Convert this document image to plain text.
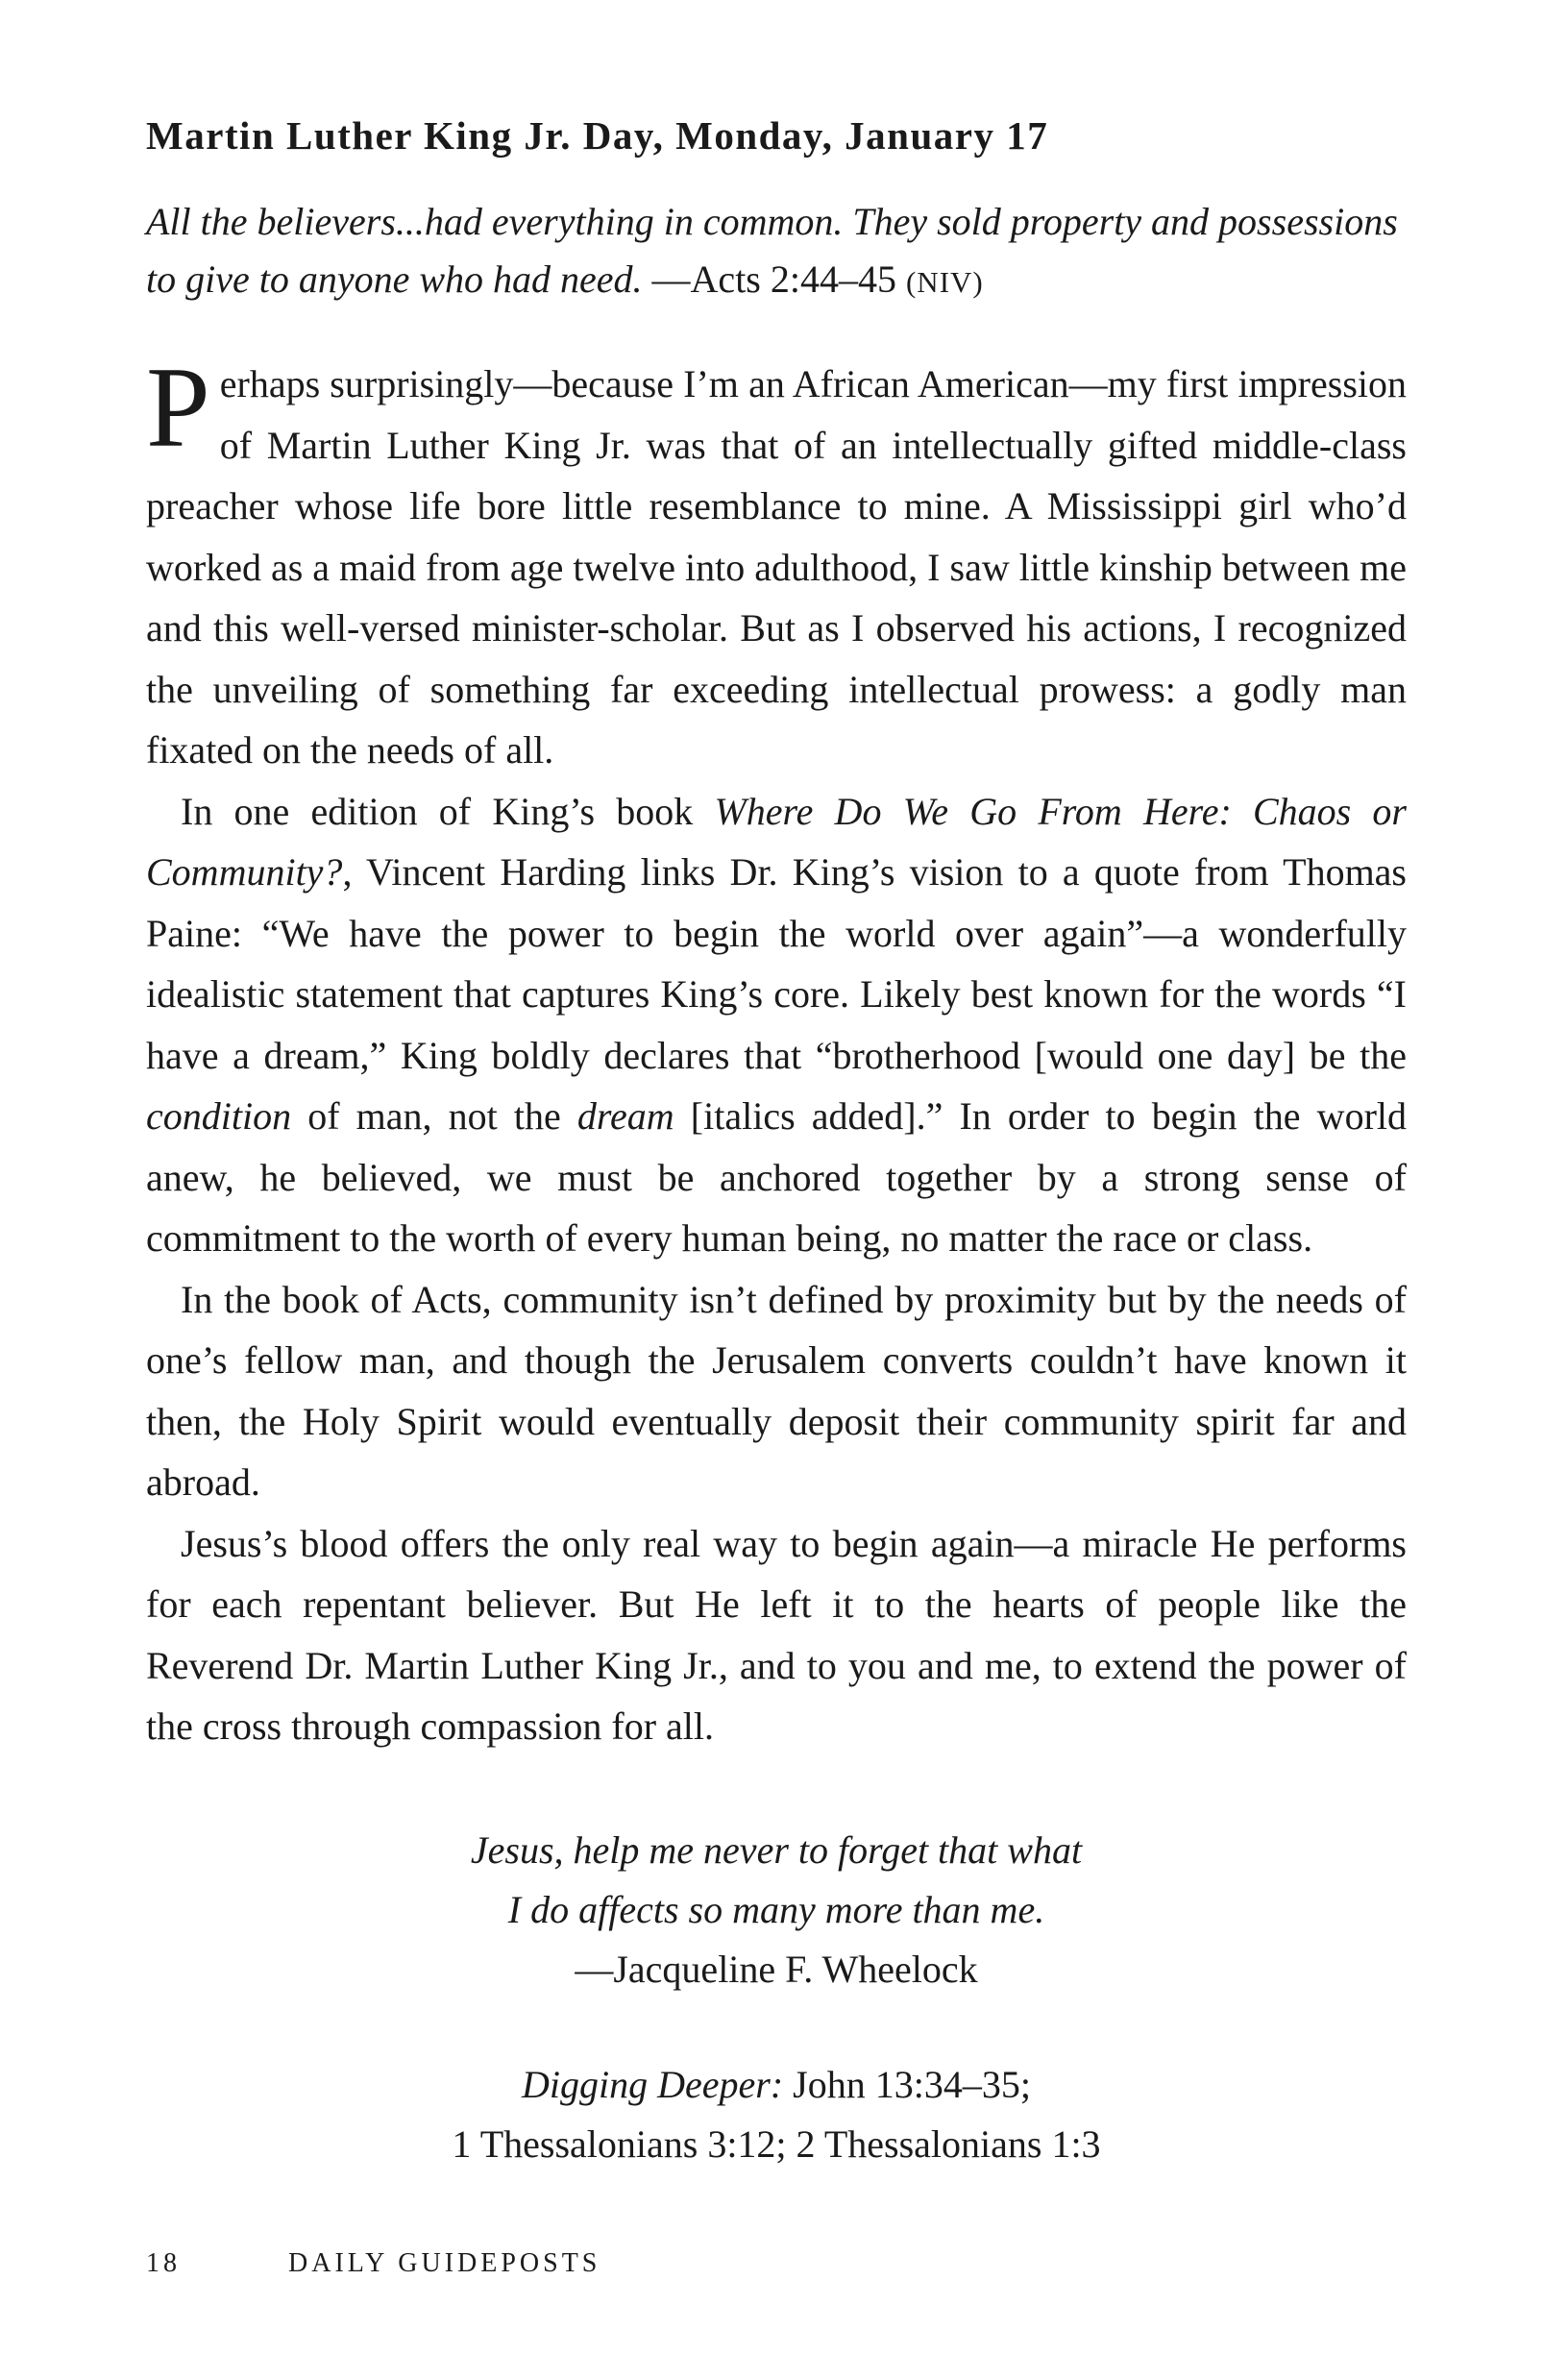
Martin Luther King Jr. Day, Monday, January 17
All the believers...had everything in common. They sold property and possessions to give to anyone who had need. —Acts 2:44–45 (NIV)

Perhaps surprisingly—because I’m an African American—my first impression of Martin Luther King Jr. was that of an intellectually gifted middle-class preacher whose life bore little resemblance to mine. A Mississippi girl who’d worked as a maid from age twelve into adulthood, I saw little kinship between me and this well-versed minister-scholar. But as I observed his actions, I recognized the unveiling of something far exceeding intellectual prowess: a godly man fixated on the needs of all.

In one edition of King’s book Where Do We Go From Here: Chaos or Community?, Vincent Harding links Dr. King’s vision to a quote from Thomas Paine: “We have the power to begin the world over again”—a wonderfully idealistic statement that captures King’s core. Likely best known for the words “I have a dream,” King boldly declares that “brotherhood [would one day] be the condition of man, not the dream [italics added].” In order to begin the world anew, he believed, we must be anchored together by a strong sense of commitment to the worth of every human being, no matter the race or class.

In the book of Acts, community isn’t defined by proximity but by the needs of one’s fellow man, and though the Jerusalem converts couldn’t have known it then, the Holy Spirit would eventually deposit their community spirit far and abroad.

Jesus’s blood offers the only real way to begin again—a miracle He performs for each repentant believer. But He left it to the hearts of people like the Reverend Dr. Martin Luther King Jr., and to you and me, to extend the power of the cross through compassion for all.

Jesus, help me never to forget that what
I do affects so many more than me.
—Jacqueline F. Wheelock
Digging Deeper: John 13:34–35;
1 Thessalonians 3:12; 2 Thessalonians 1:3
18	DAILY GUIDEPOSTS
